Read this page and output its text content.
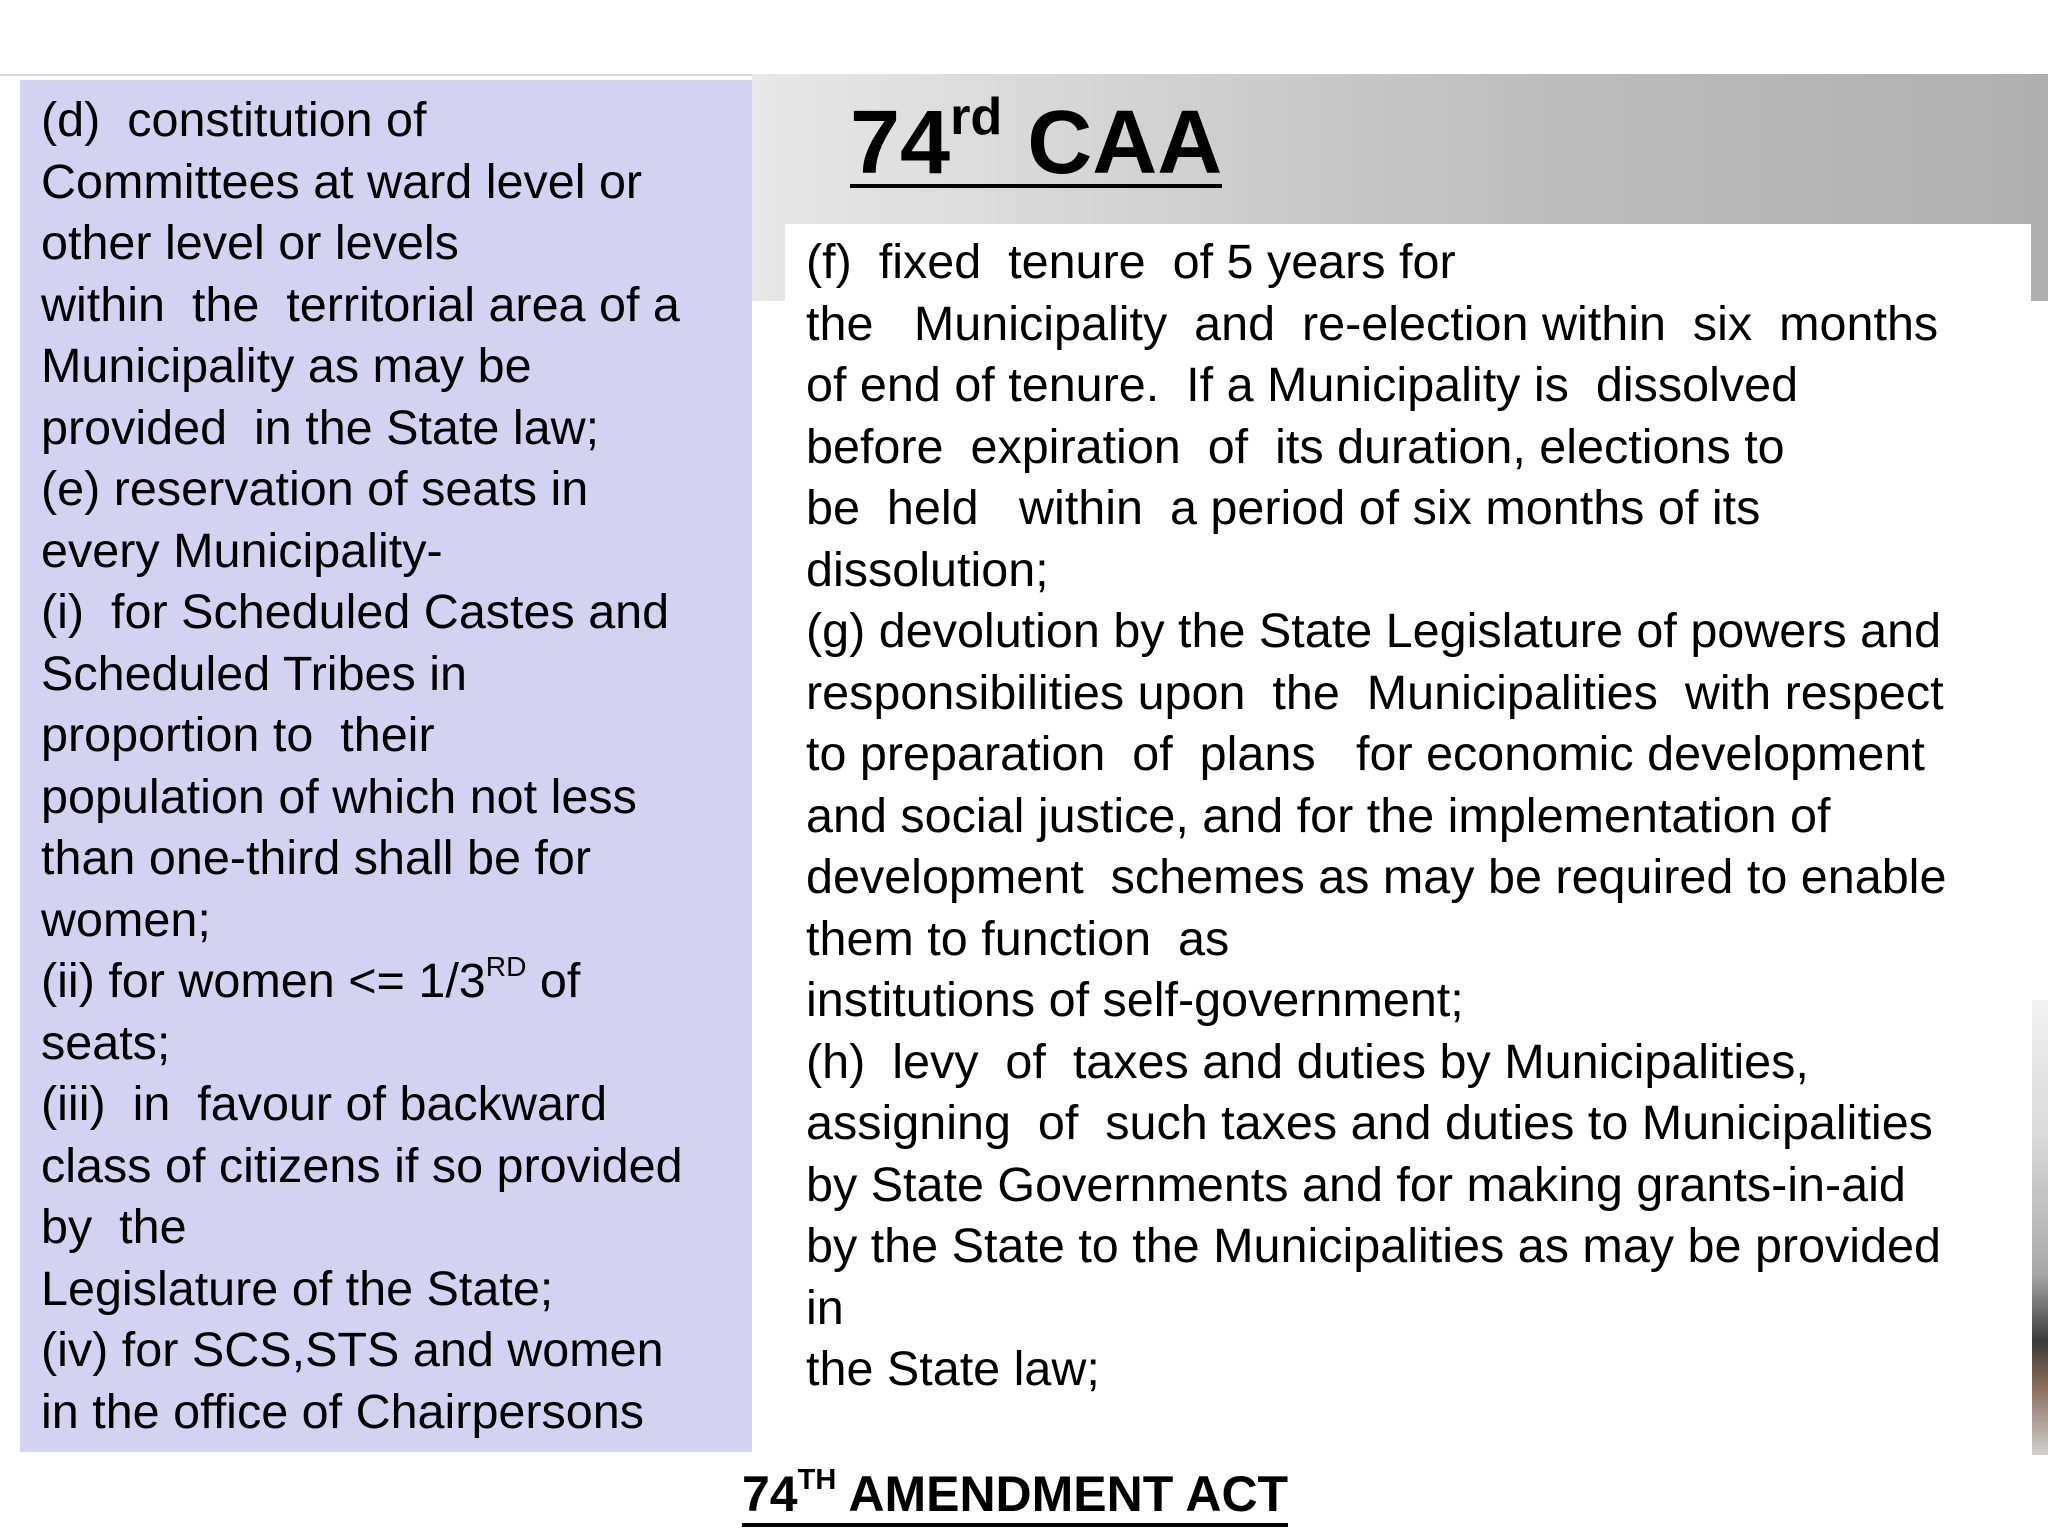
74rd CAA

(d)  constitution of

Committees at ward level or

other level or levels

within  the  territorial area of a

Municipality as may be

provided  in the State law;

(e) reservation of seats in

every Municipality-

(i)  for Scheduled Castes and

Scheduled Tribes in

proportion to  their

population of which not less

than one-third shall be for

women;

(ii) for women <= 1/3RD of

seats;

(iii)  in  favour of backward

class of citizens if so provided

by  the

Legislature of the State;

(iv) for SCS,STS and women

in the office of Chairpersons

(f)  fixed  tenure  of 5 years for

the   Municipality  and  re-election within  six  months

of end of tenure.  If a Municipality is  dissolved

before  expiration  of  its duration, elections to

be  held   within  a period of six months of its

dissolution;

(g) devolution by the State Legislature of powers and

responsibilities upon  the  Municipalities  with respect

to preparation  of  plans   for economic development

and social justice, and for the implementation of

development  schemes as may be required to enable

them to function  as

institutions of self-government;

(h)  levy  of  taxes and duties by Municipalities,

assigning  of  such taxes and duties to Municipalities

by State Governments and for making grants-in-aid

by the State to the Municipalities as may be provided

in

the State law;

74TH AMENDMENT ACT
